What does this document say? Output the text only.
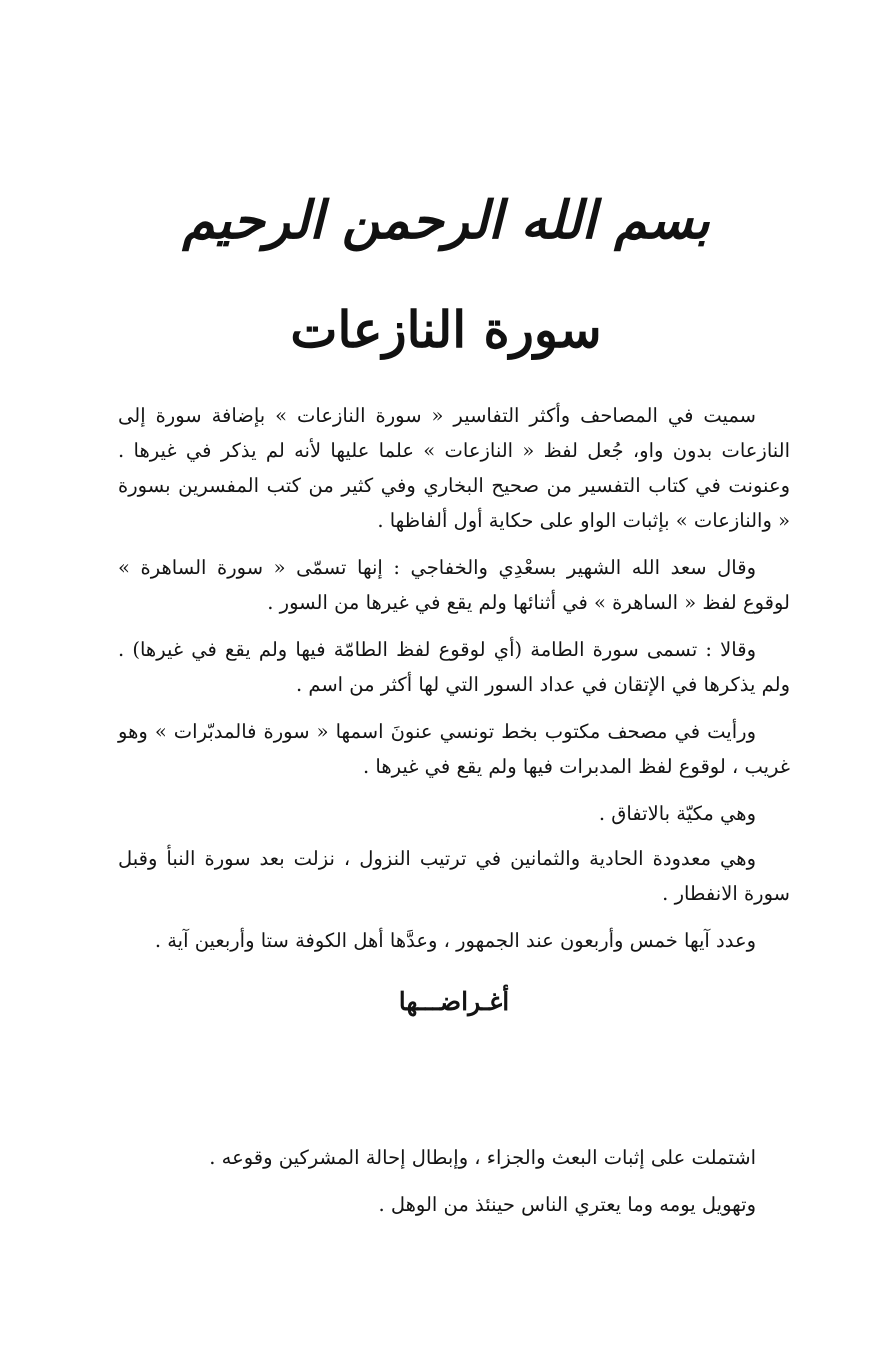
بسم الله الرحمن الرحيم
سورة النازعات

سميت في المصاحف وأكثر التفاسير « سورة النازعات » بإضافة سورة إلى النازعات بدون واو، جُعل لفظ « النازعات » علما عليها لأنه لم يذكر في غيرها . وعنونت في كتاب التفسير من صحيح البخاري وفي كثير من كتب المفسرين بسورة « والنازعات » بإثبات الواو على حكاية أول ألفاظها .

وقال سعد الله الشهير بسعْدِي والخفاجي : إنها تسمّى « سورة الساهرة » لوقوع لفظ « الساهرة » في أثنائها ولم يقع في غيرها من السور .

وقالا : تسمى سورة الطامة (أي لوقوع لفظ الطامّة فيها ولم يقع في غيرها) . ولم يذكرها في الإتقان في عداد السور التي لها أكثر من اسم .

ورأيت في مصحف مكتوب بخط تونسي عنونَ اسمها « سورة فالمدبّرات » وهو غريب ، لوقوع لفظ المدبرات فيها ولم يقع في غيرها .

وهي مكيّة بالاتفاق .

وهي معدودة الحادية والثمانين في ترتيب النزول ، نزلت بعد سورة النبأ وقبل سورة الانفطار .

وعدد آيها خمس وأربعون عند الجمهور ، وعدَّها أهل الكوفة ستا وأربعين آية .

أغـراضـــها

اشتملت على إثبات البعث والجزاء ، وإبطال إحالة المشركين وقوعه .

وتهويل يومه وما يعتري الناس حينئذ من الوهل .
